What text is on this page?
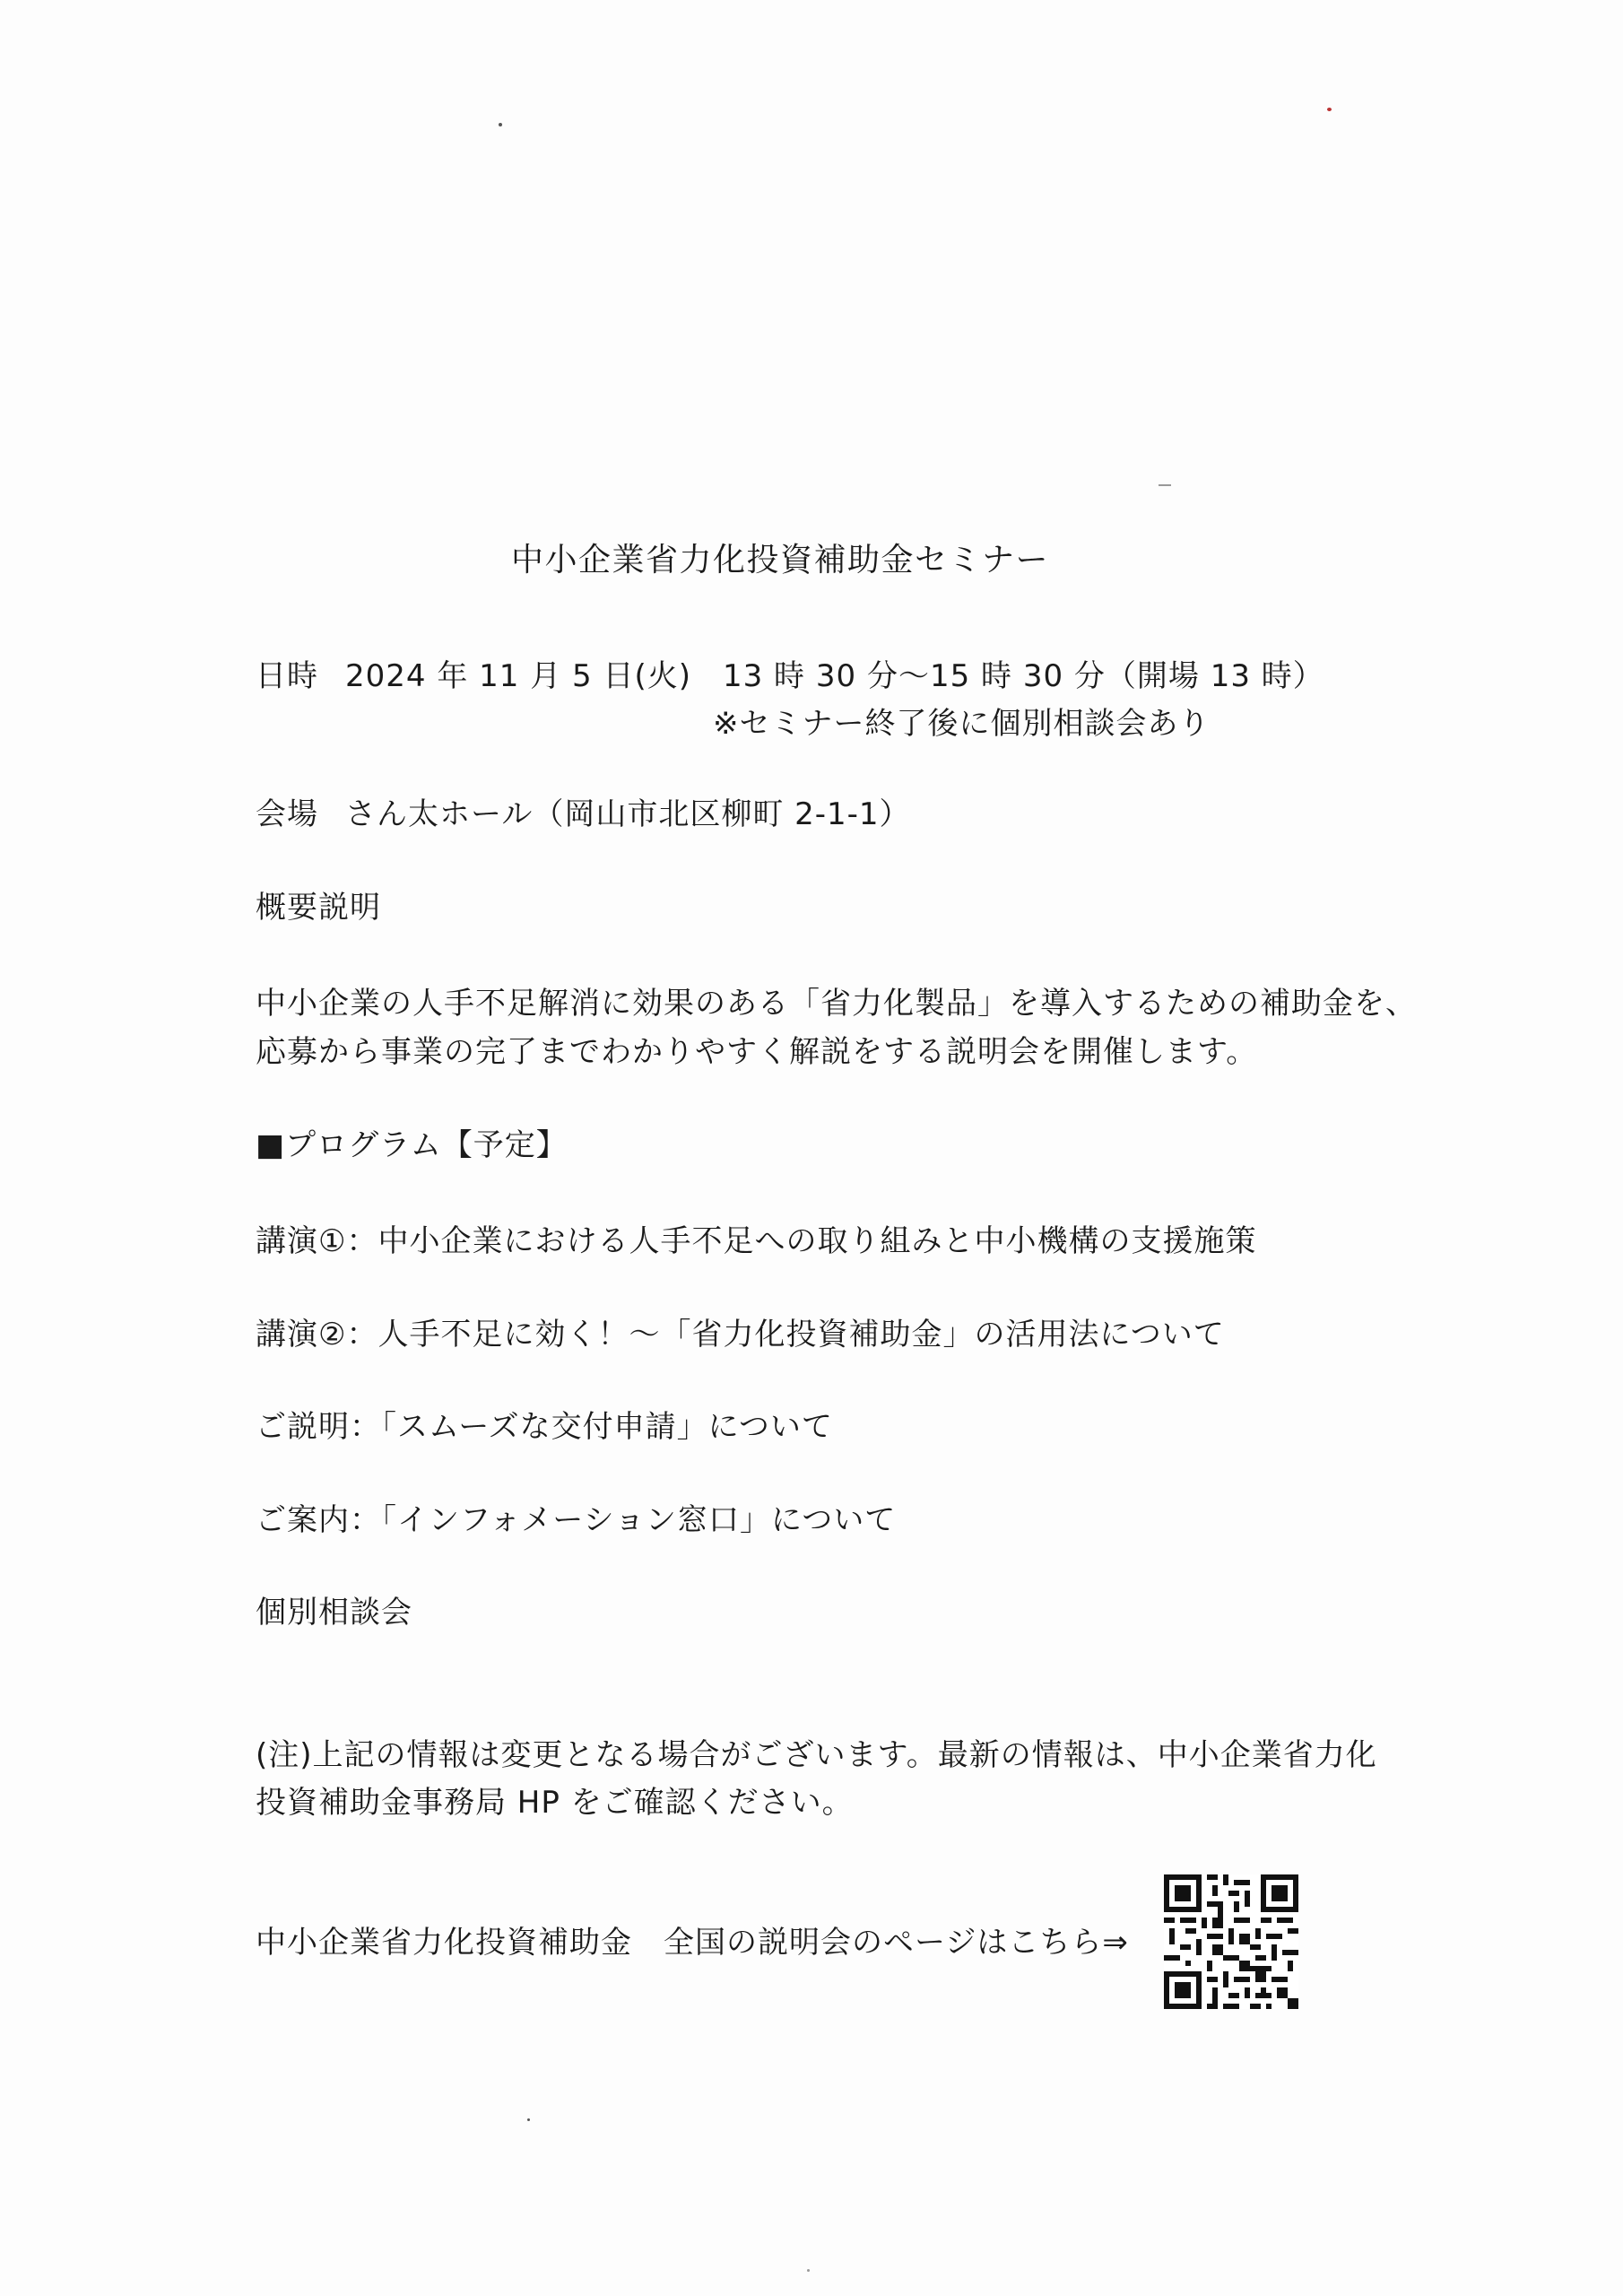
中小企業省力化投資補助金セミナー
日時 2024 年 11 月 5 日(火)　13 時 30 分～15 時 30 分（開場 13 時）
※セミナー終了後に個別相談会あり
会場 さん太ホール（岡山市北区柳町 2-1-1）
概要説明
中小企業の人手不足解消に効果のある「省力化製品」を導入するための補助金を、
応募から事業の完了までわかりやすく解説をする説明会を開催します。
■プログラム【予定】
講演①：中小企業における人手不足への取り組みと中小機構の支援施策
講演②：人手不足に効く！～「省力化投資補助金」の活用法について
ご説明：「スムーズな交付申請」について
ご案内：「インフォメーション窓口」について
個別相談会
(注)上記の情報は変更となる場合がございます。最新の情報は、中小企業省力化
投資補助金事務局 HP をご確認ください。
中小企業省力化投資補助金　全国の説明会のページはこちら⇒
